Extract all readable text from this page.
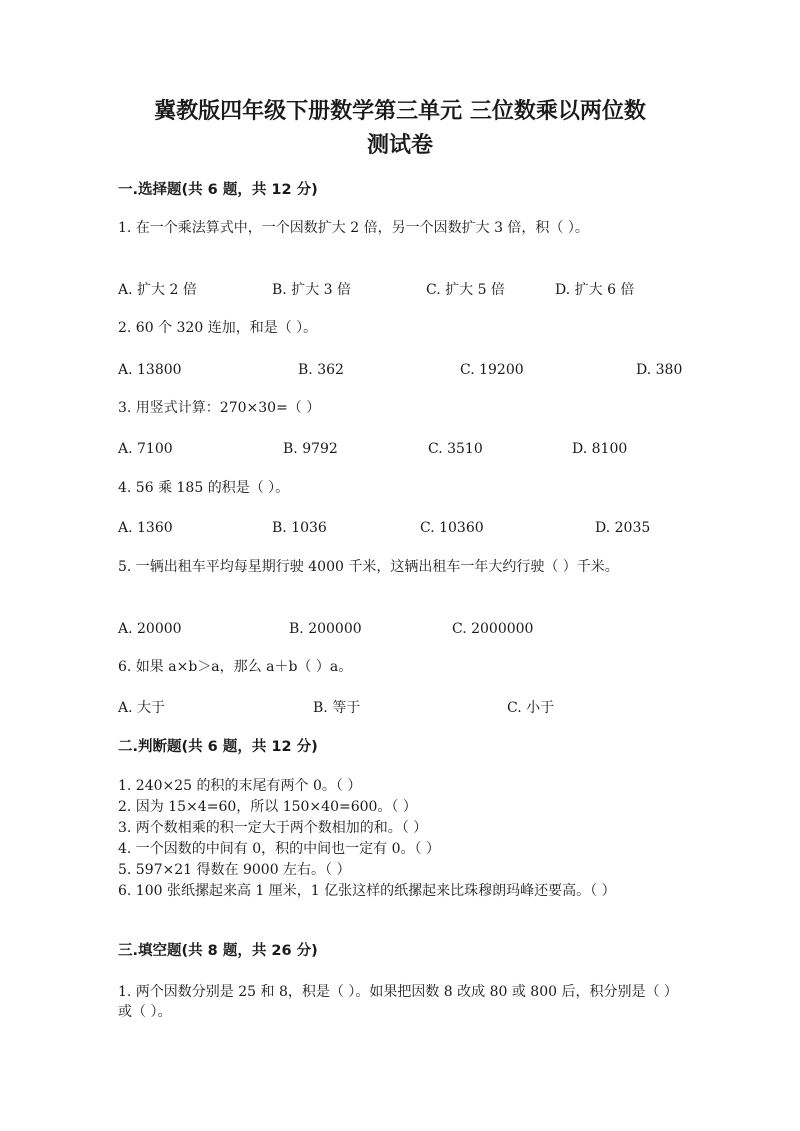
冀教版四年级下册数学第三单元 三位数乘以两位数
测试卷
一.选择题(共 6 题，共 12 分)
1. 在一个乘法算式中，一个因数扩大 2 倍，另一个因数扩大 3 倍，积（ ）。
A. 扩大 2 倍	B. 扩大 3 倍	C. 扩大 5 倍	D. 扩大 6 倍
2. 60 个 320 连加，和是（ ）。
A. 13800	B. 362	C. 19200	D. 380
3. 用竖式计算：270×30=（ ）
A. 7100	B. 9792	C. 3510	D. 8100
4. 56 乘 185 的积是（ ）。
A. 1360	B. 1036	C. 10360	D. 2035
5. 一辆出租车平均每星期行驶 4000 千米，这辆出租车一年大约行驶（ ）千米。
A. 20000	B. 200000	C. 2000000
6. 如果 a×b＞a，那么 a＋b（ ）a。
A. 大于	B. 等于	C. 小于
二.判断题(共 6 题，共 12 分)
1. 240×25 的积的末尾有两个 0。（ ）
2. 因为 15×4=60，所以 150×40=600。（ ）
3. 两个数相乘的积一定大于两个数相加的和。（ ）
4. 一个因数的中间有 0，积的中间也一定有 0。（ ）
5. 597×21 得数在 9000 左右。（ ）
6. 100 张纸摞起来高 1 厘米，1 亿张这样的纸摞起来比珠穆朗玛峰还要高。（ ）
三.填空题(共 8 题，共 26 分)
1. 两个因数分别是 25 和 8，积是（ ）。如果把因数 8 改成 80 或 800 后，积分别是（ ）或（ ）。
